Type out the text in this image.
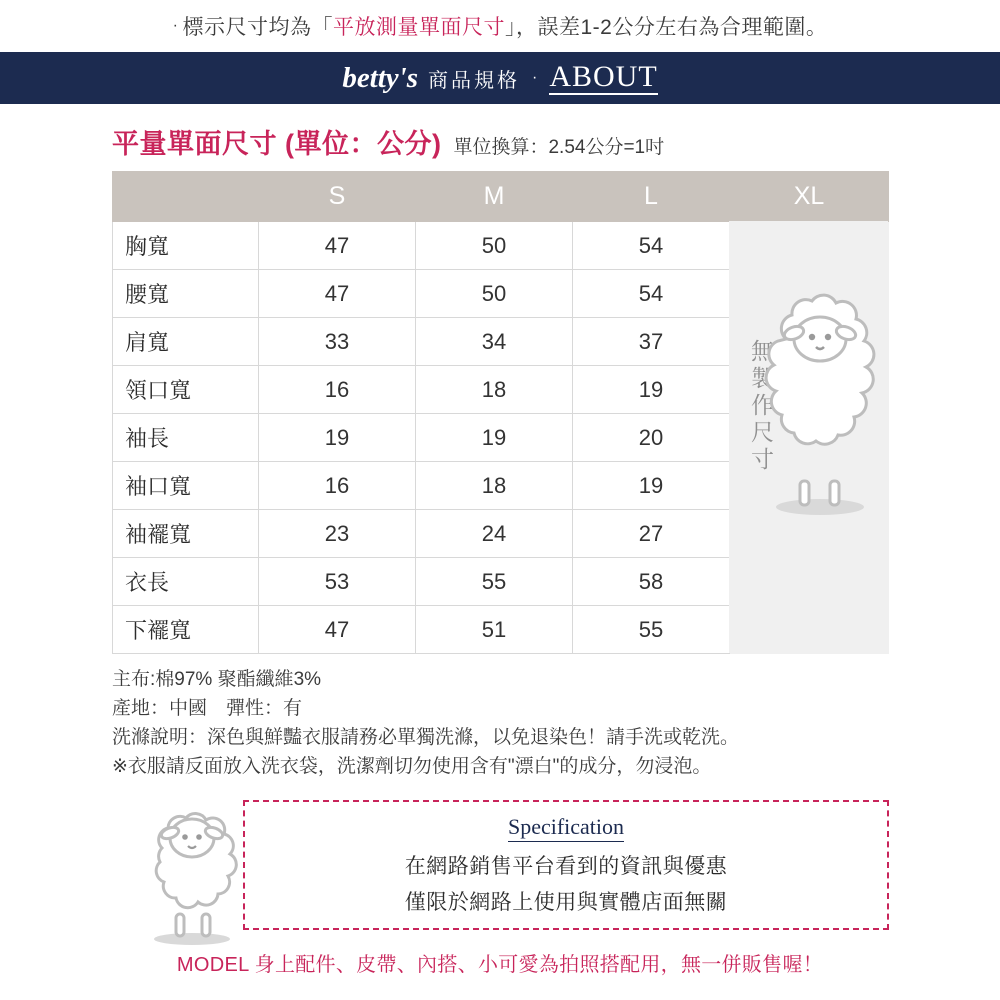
· 標示尺寸均為「 平放測量單面尺寸 」，誤差1-2公分左右為合理範圍。
betty's 商品規格 · ABOUT
平量單面尺寸 (單位：公分) 單位換算：2.54公分=1吋
	S	M	L	XL
胸寬	47	50	54	
腰寬	47	50	54	
肩寬	33	34	37	
領口寬	16	18	19	
袖長	19	19	20	
袖口寬	16	18	19	
袖襬寬	23	24	27	
衣長	53	55	58	
下襬寬	47	51	55	
無製作尺寸
主布:棉97% 聚酯纖維3%
產地：中國　彈性：有
洗滌說明：深色與鮮豔衣服請務必單獨洗滌，以免退染色！請手洗或乾洗。
※衣服請反面放入洗衣袋，洗潔劑切勿使用含有"漂白"的成分，勿浸泡。
Specification
在網路銷售平台看到的資訊與優惠
僅限於網路上使用與實體店面無關
MODEL 身上配件、皮帶、內搭、小可愛為拍照搭配用，無一併販售喔！
